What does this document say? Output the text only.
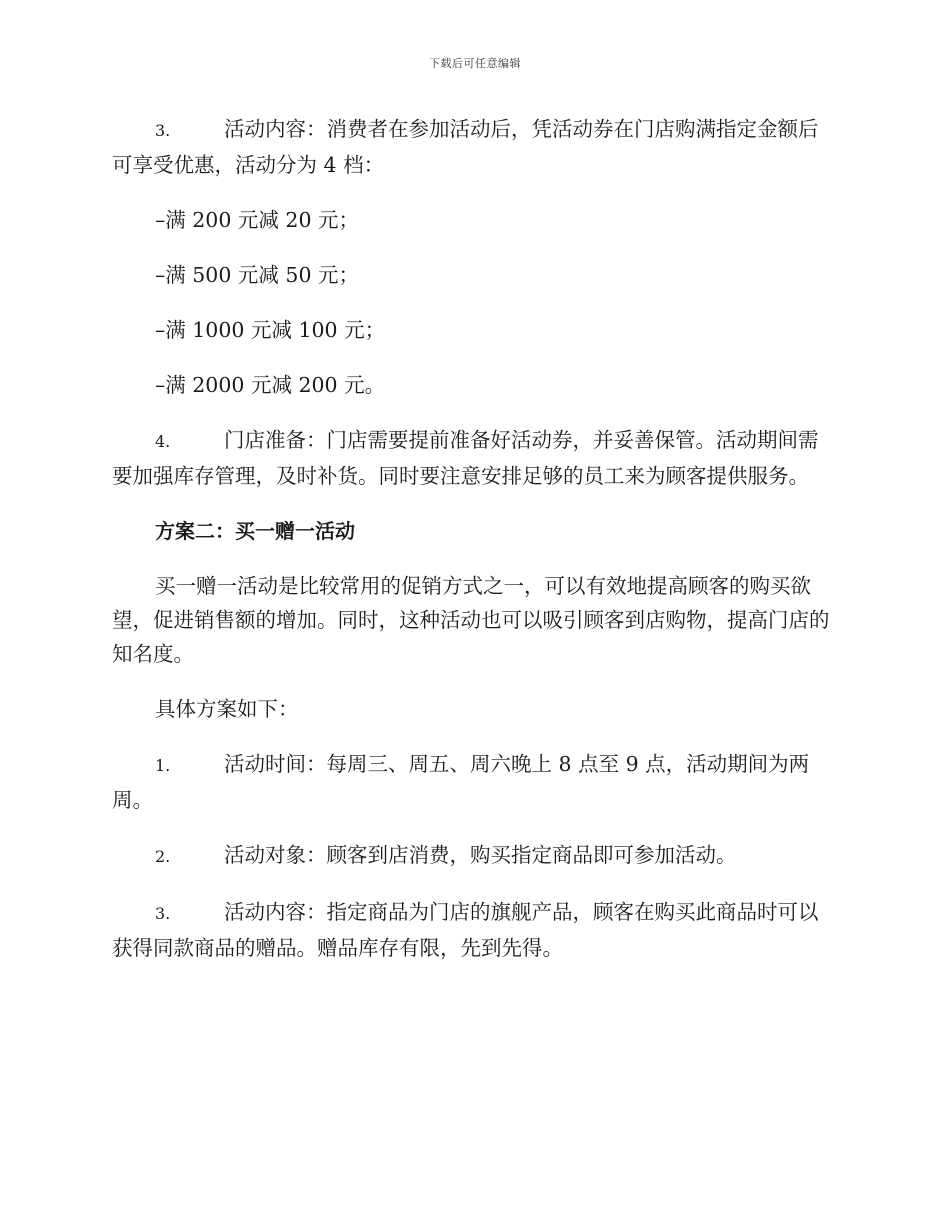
下载后可任意编辑

3.	活动内容：消费者在参加活动后，凭活动券在门店购满指定金额后可享受优惠，活动分为 4 档：

–满 200 元减 20 元；

–满 500 元减 50 元；

–满 1000 元减 100 元；

–满 2000 元减 200 元。

4.	门店准备：门店需要提前准备好活动券，并妥善保管。活动期间需要加强库存管理，及时补货。同时要注意安排足够的员工来为顾客提供服务。

方案二：买一赠一活动

买一赠一活动是比较常用的促销方式之一，可以有效地提高顾客的购买欲望，促进销售额的增加。同时，这种活动也可以吸引顾客到店购物，提高门店的知名度。

具体方案如下：

1.	活动时间：每周三、周五、周六晚上 8 点至 9 点，活动期间为两周。

2.	活动对象：顾客到店消费，购买指定商品即可参加活动。

3.	活动内容：指定商品为门店的旗舰产品，顾客在购买此商品时可以获得同款商品的赠品。赠品库存有限，先到先得。
